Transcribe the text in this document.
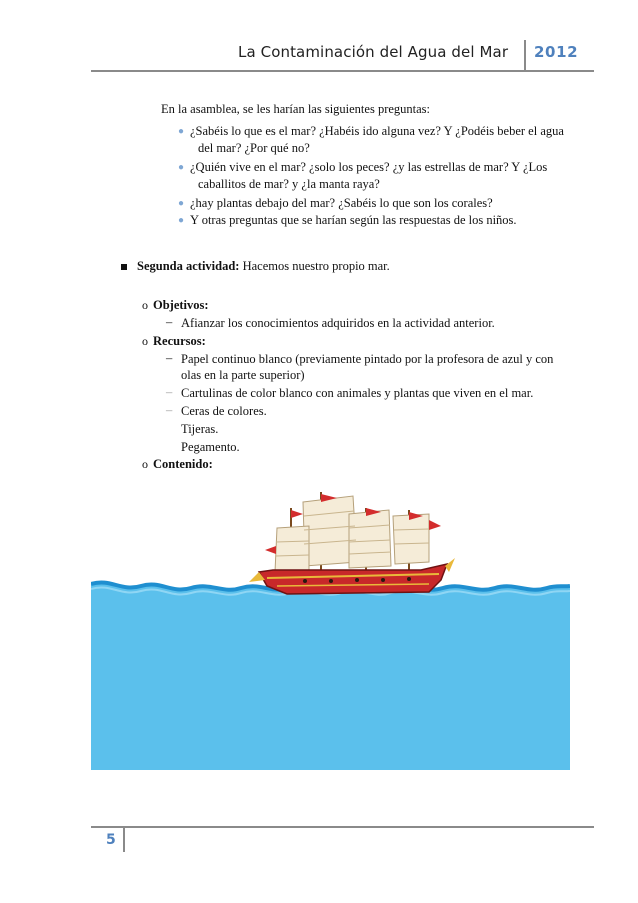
La Contaminación del Agua del Mar 2012
En la asamblea, se les harían las siguientes preguntas:
● ¿Sabéis lo que es el mar? ¿Habéis ido alguna vez? Y ¿Podéis beber el agua
del mar? ¿Por qué no?
● ¿Quién vive en el mar? ¿solo los peces? ¿y las estrellas de mar? Y ¿Los
caballitos de mar? y ¿la manta raya?
● ¿hay plantas debajo del mar? ¿Sabéis lo que son los corales?
● Y otras preguntas que se harían según las respuestas de los niños.
Segunda actividad: Hacemos nuestro propio mar.
o Objetivos:
– Afianzar los conocimientos adquiridos en la actividad anterior.
o Recursos:
– Papel continuo blanco (previamente pintado por la profesora de azul y con
olas en la parte superior)
– Cartulinas de color blanco con animales y plantas que viven en el mar.
– Ceras de colores.
Tijeras.
Pegamento.
o Contenido:
5
